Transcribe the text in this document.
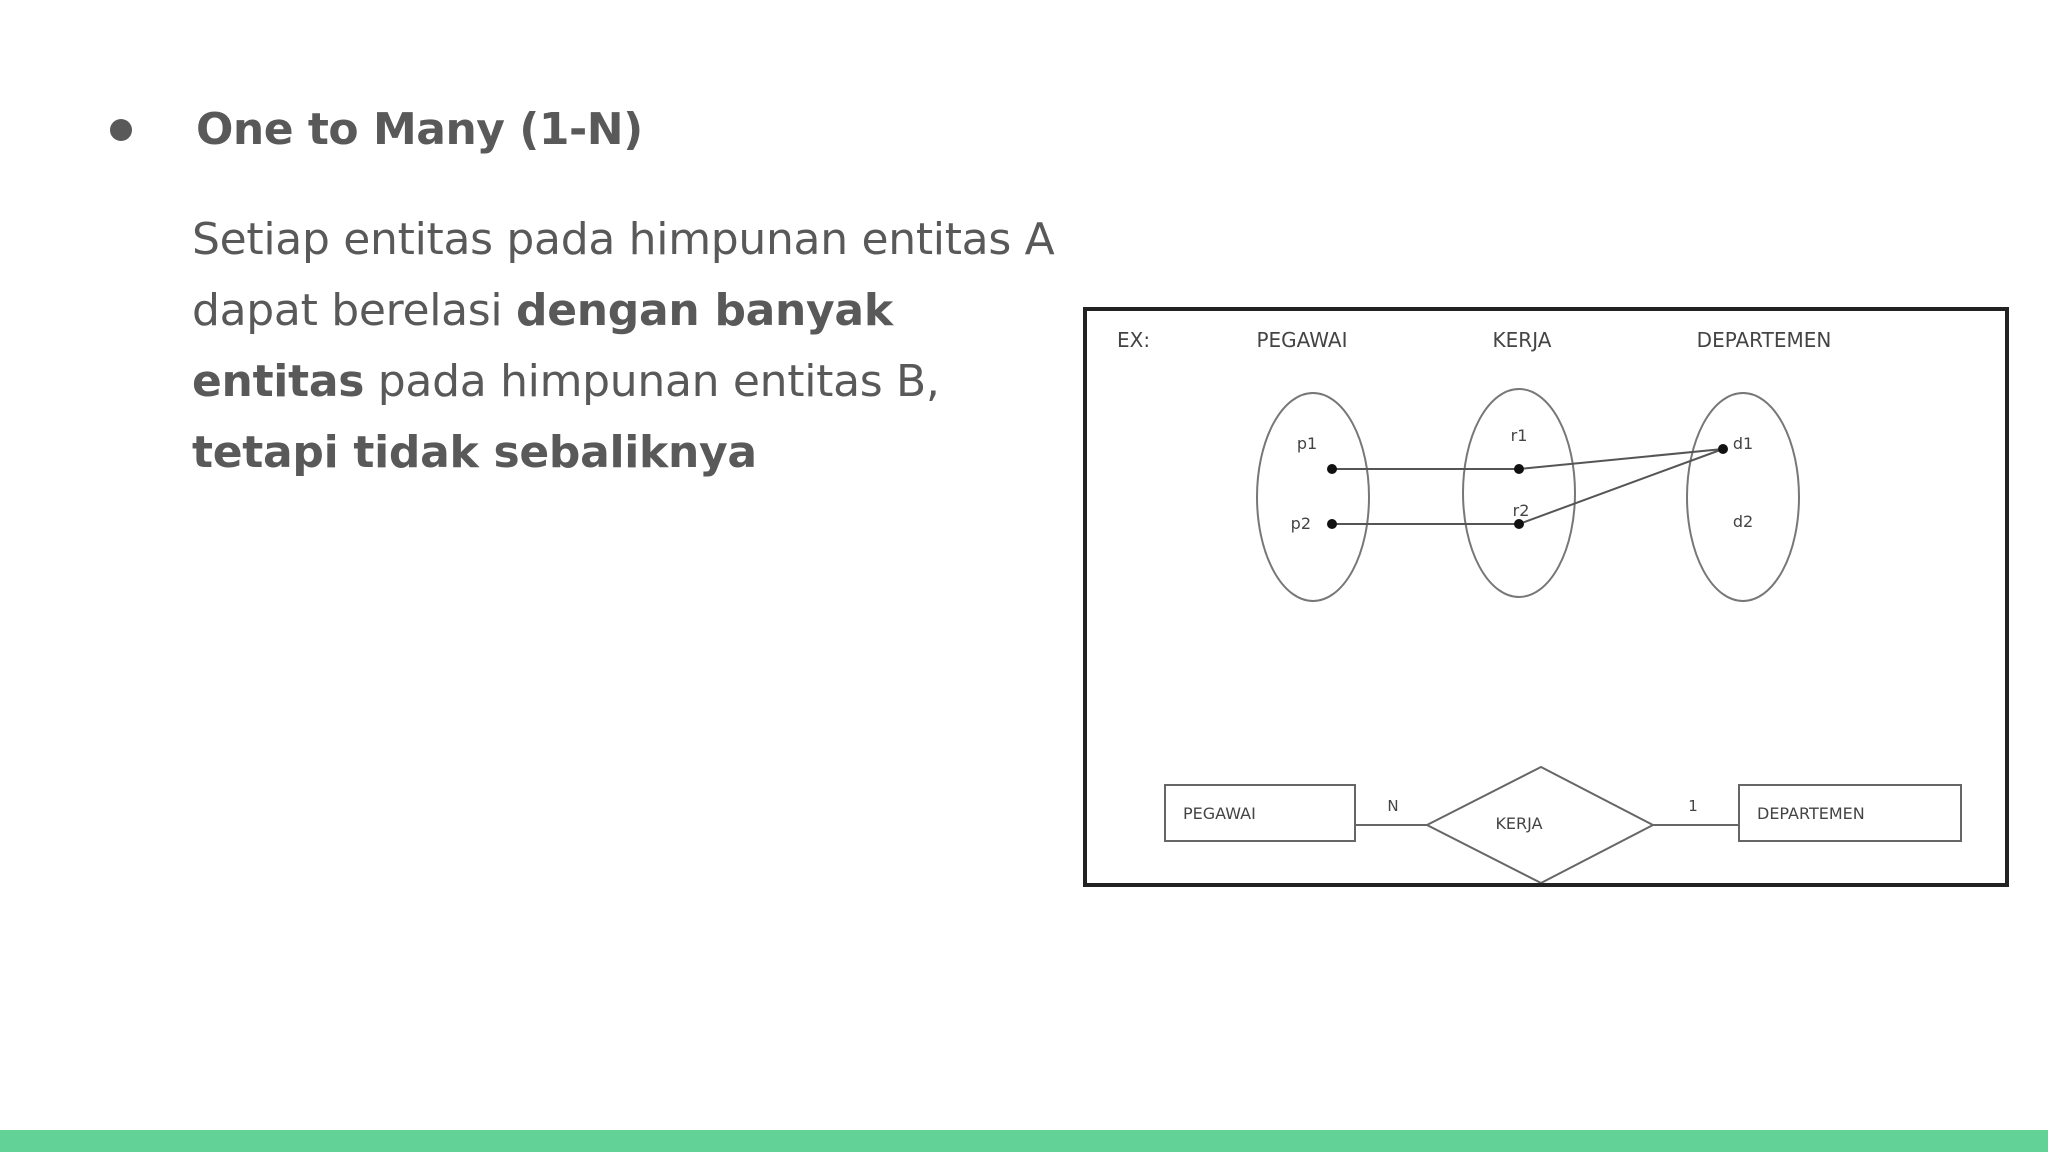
One to Many (1-N)
Setiap entitas pada himpunan entitas A dapat berelasi dengan banyak entitas pada himpunan entitas B, tetapi tidak sebaliknya
EX:	PEGAWAI	KERJA	DEPARTEMEN
p1
p2
r1
r2
d1
d2
PEGAWAI	N
KERJA
1	DEPARTEMEN
